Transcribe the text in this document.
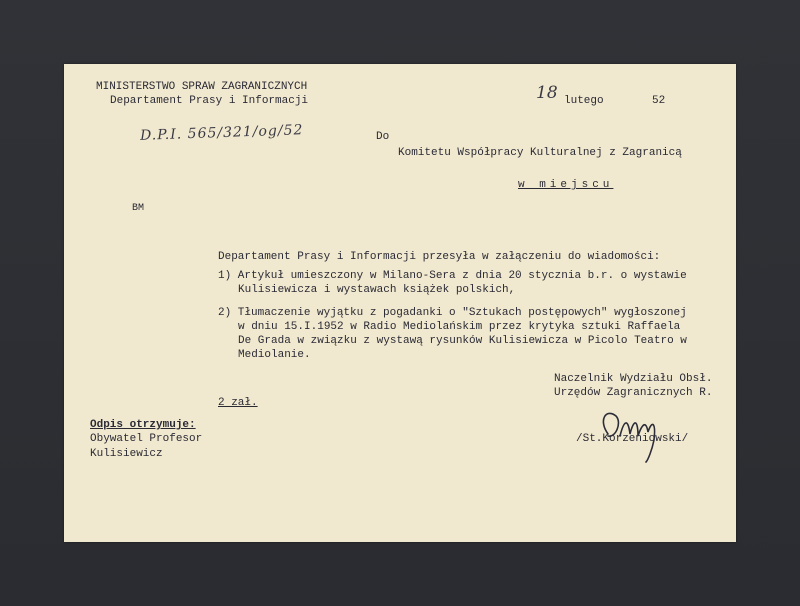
MINISTERSTWO SPRAW ZAGRANICZNYCH
Departament Prasy i Informacji	18 lutego	52
D.P.I. 565/321/og/52	Do
Komitetu Współpracy Kulturalnej z Zagranicą
w miejscu
BM
Departament Prasy i Informacji przesyła w załączeniu do wiadomości:
1) Artykuł umieszczony w Milano-Sera z dnia 20 stycznia b.r. o wystawie
Kulisiewicza i wystawach książek polskich,
2) Tłumaczenie wyjątku z pogadanki o "Sztukach postępowych" wygłoszonej
w dniu 15.I.1952 w Radio Mediolańskim przez krytyka sztuki Raffaela
De Grada w związku z wystawą rysunków Kulisiewicza w Picolo Teatro w
Mediolanie.
Naczelnik Wydziału Obsł.
Urzędów Zagranicznych R.
/St.Korzeniowski/
2 zał.
Odpis otrzymuje:
Obywatel Profesor
Kulisiewicz
